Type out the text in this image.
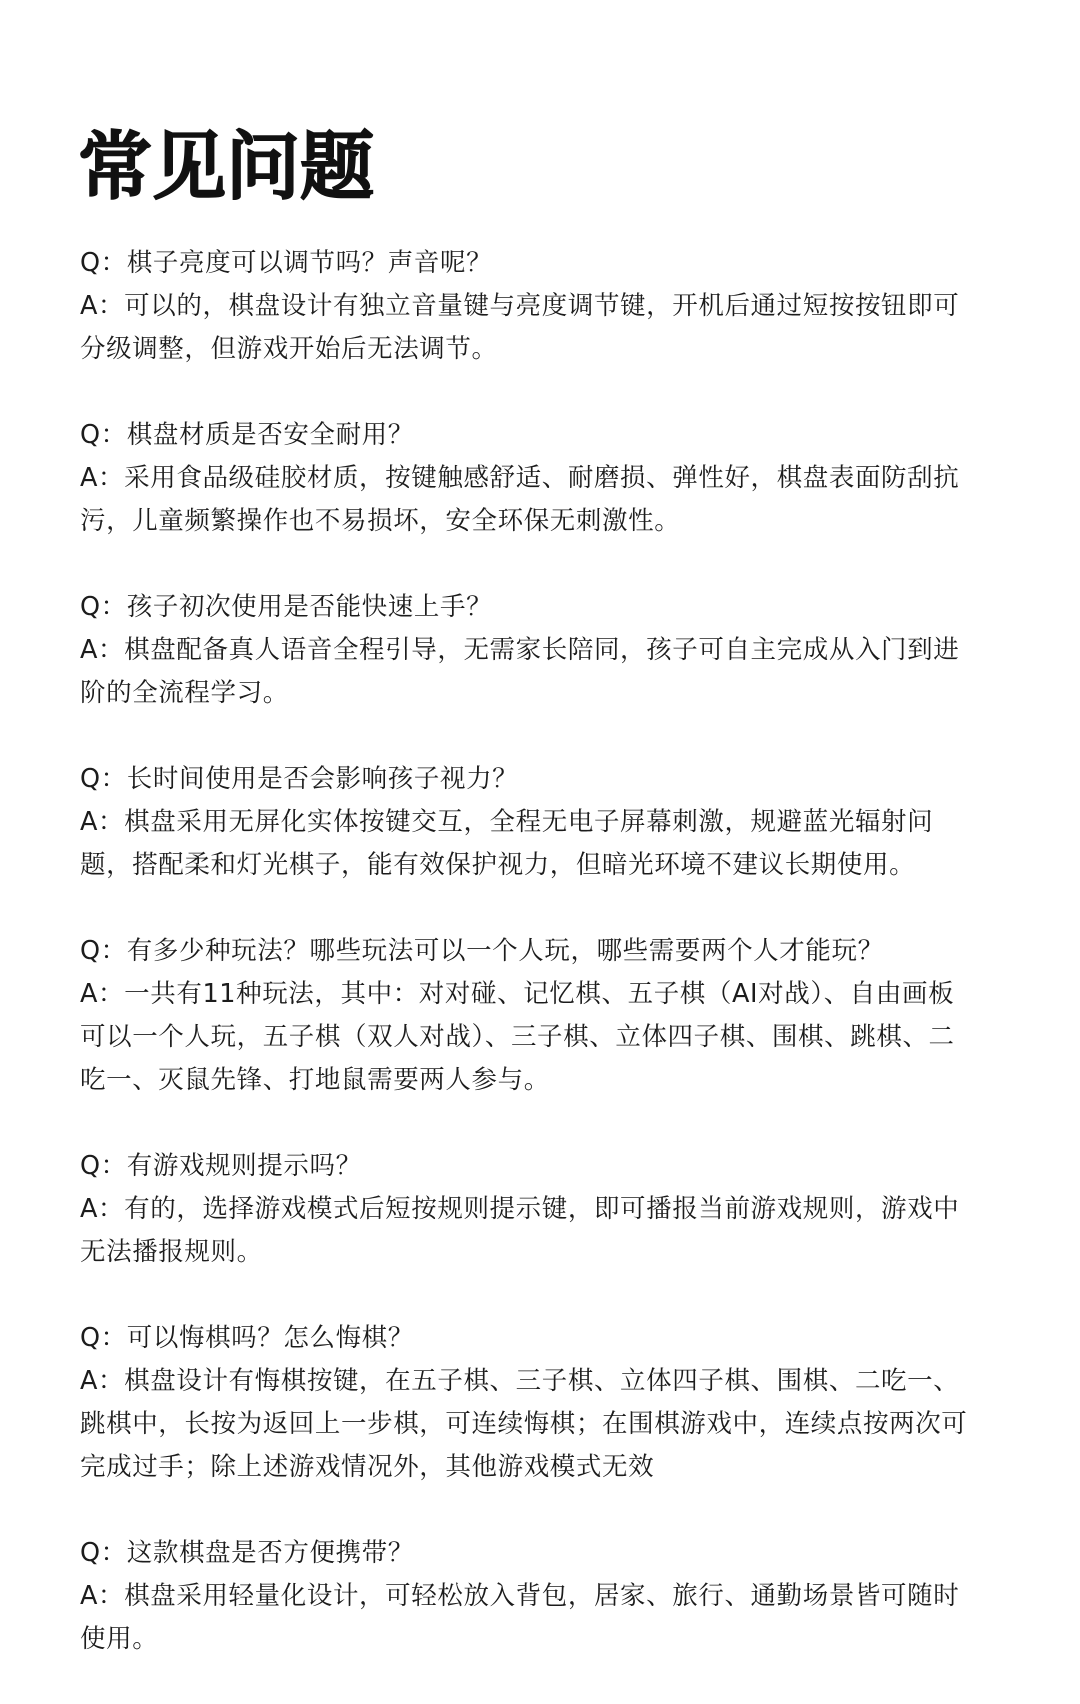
常见问题
Q：棋子亮度可以调节吗？声音呢？
A：可以的，棋盘设计有独立音量键与亮度调节键，开机后通过短按按钮即可分级调整，但游戏开始后无法调节。
Q：棋盘材质是否安全耐用？
A：采用食品级硅胶材质，按键触感舒适、耐磨损、弹性好，棋盘表面防刮抗污，儿童频繁操作也不易损坏，安全环保无刺激性。
Q：孩子初次使用是否能快速上手？
A：棋盘配备真人语音全程引导，无需家长陪同，孩子可自主完成从入门到进阶的全流程学习。
Q：长时间使用是否会影响孩子视力？
A：棋盘采用无屏化实体按键交互，全程无电子屏幕刺激，规避蓝光辐射问题，搭配柔和灯光棋子，能有效保护视力，但暗光环境不建议长期使用。
Q：有多少种玩法？哪些玩法可以一个人玩，哪些需要两个人才能玩？
A：一共有11种玩法，其中：对对碰、记忆棋、五子棋（AI对战）、自由画板可以一个人玩，五子棋（双人对战）、三子棋、立体四子棋、围棋、跳棋、二吃一、灭鼠先锋、打地鼠需要两人参与。
Q：有游戏规则提示吗？
A：有的，选择游戏模式后短按规则提示键，即可播报当前游戏规则，游戏中无法播报规则。
Q：可以悔棋吗？怎么悔棋？
A：棋盘设计有悔棋按键，在五子棋、三子棋、立体四子棋、围棋、二吃一、跳棋中，长按为返回上一步棋，可连续悔棋；在围棋游戏中，连续点按两次可完成过手；除上述游戏情况外，其他游戏模式无效
Q：这款棋盘是否方便携带？
A：棋盘采用轻量化设计，可轻松放入背包，居家、旅行、通勤场景皆可随时使用。
